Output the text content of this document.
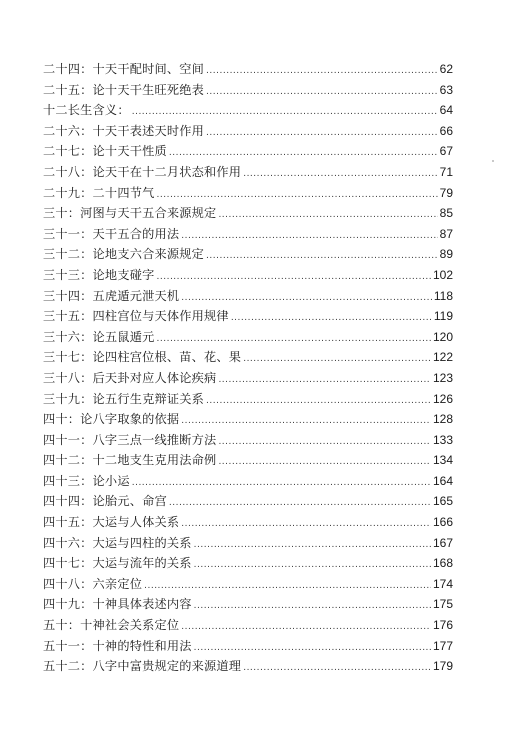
二十四：十天干配时间、空间 .....	62
二十五：论十天干生旺死绝表 .....	63
十二长生含义： .....	64
二十六：十天干表述天时作用 .....	66
二十七：论十天干性质 .....	67
二十八：论天干在十二月状态和作用 .....	71
二十九：二十四节气 .....	79
三十：河图与天干五合来源规定 .....	85
三十一：天干五合的用法 .....	87
三十二：论地支六合来源规定 .....	89
三十三：论地支碰字 .....	102
三十四：五虎遁元泄天机 .....	118
三十五：四柱宫位与天体作用规律 .....	119
三十六：论五鼠遁元 .....	120
三十七：论四柱宫位根、苗、花、果 .....	122
三十八：后天卦对应人体论疾病 .....	123
三十九：论五行生克辩证关系 .....	126
四十：论八字取象的依据 .....	128
四十一：八字三点一线推断方法 .....	133
四十二：十二地支生克用法命例 .....	134
四十三：论小运 .....	164
四十四：论胎元、命宫 .....	165
四十五：大运与人体关系 .....	166
四十六：大运与四柱的关系 .....	167
四十七：大运与流年的关系 .....	168
四十八：六亲定位 .....	174
四十九：十神具体表述内容 .....	175
五十：十神社会关系定位 .....	176
五十一：十神的特性和用法 .....	177
五十二：八字中富贵规定的来源道理 .....	179
